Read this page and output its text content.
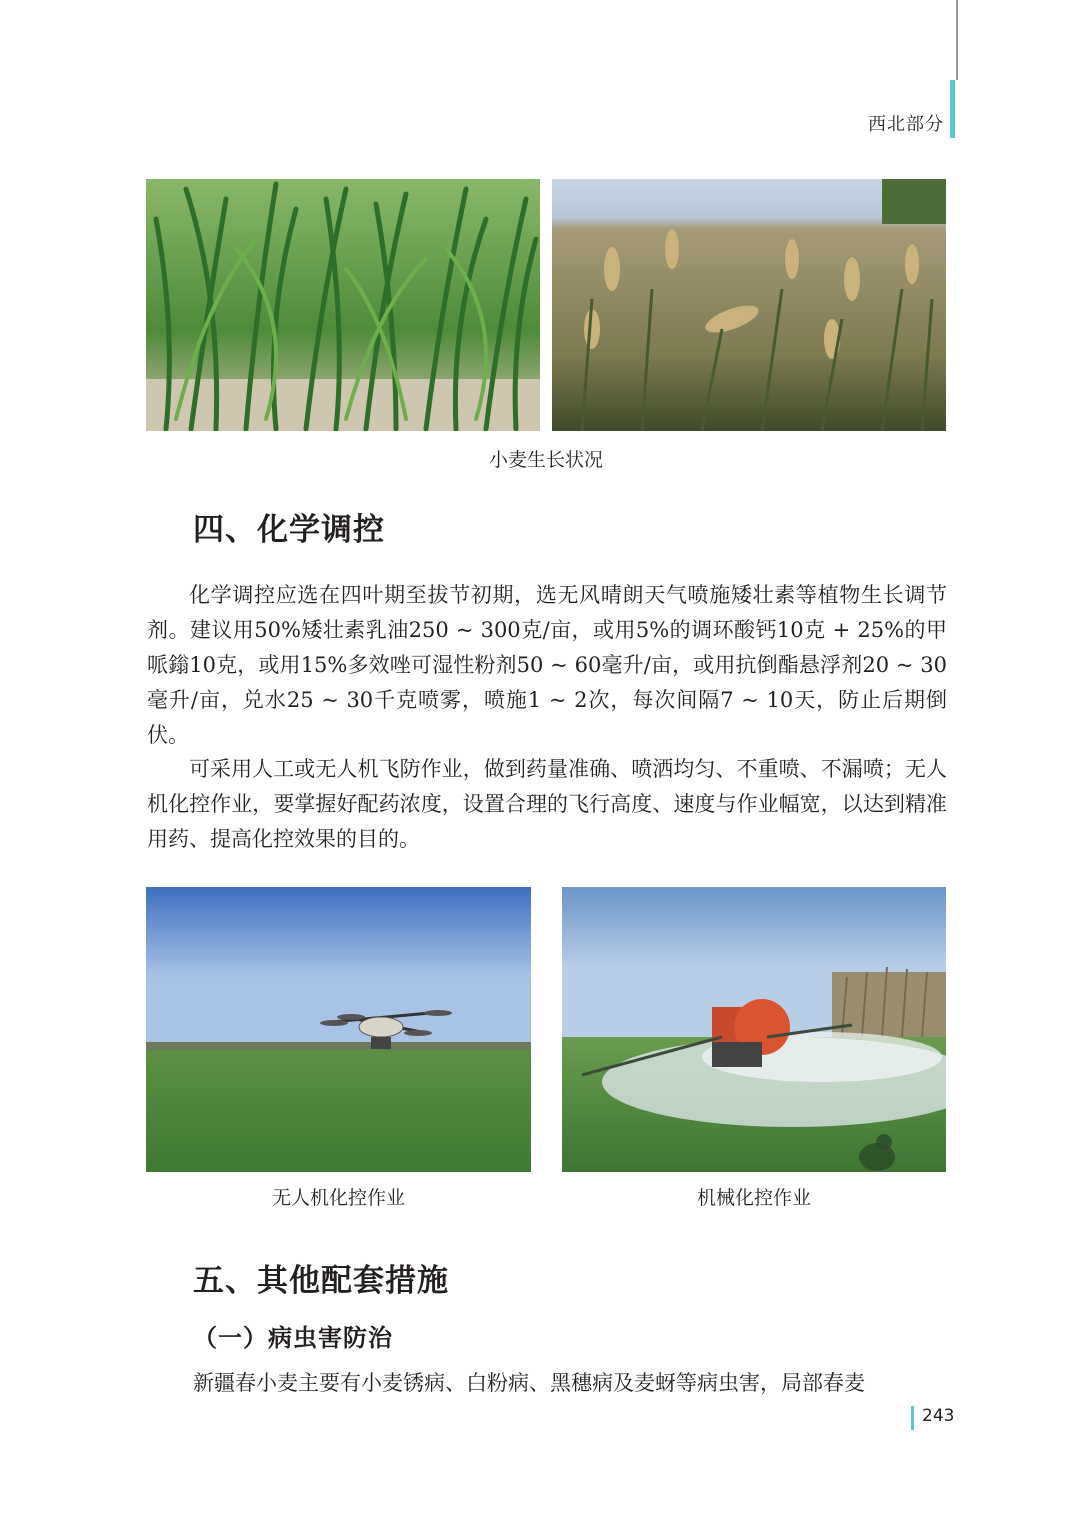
西北部分
小麦生长状况
四、化学调控

化学调控应选在四叶期至拔节初期，选无风晴朗天气喷施矮壮素等植物生长调节剂。建议用50%矮壮素乳油250 ~ 300克/亩，或用5%的调环酸钙10克 + 25%的甲哌鎓10克，或用15%多效唑可湿性粉剂50 ~ 60毫升/亩，或用抗倒酯悬浮剂20 ~ 30毫升/亩，兑水25 ~ 30千克喷雾，喷施1 ~ 2次，每次间隔7 ~ 10天，防止后期倒伏。

可采用人工或无人机飞防作业，做到药量准确、喷洒均匀、不重喷、不漏喷；无人机化控作业，要掌握好配药浓度，设置合理的飞行高度、速度与作业幅宽，以达到精准用药、提高化控效果的目的。

无人机化控作业	机械化控作业
五、其他配套措施
（一）病虫害防治

新疆春小麦主要有小麦锈病、白粉病、黑穗病及麦蚜等病虫害，局部春麦

243
